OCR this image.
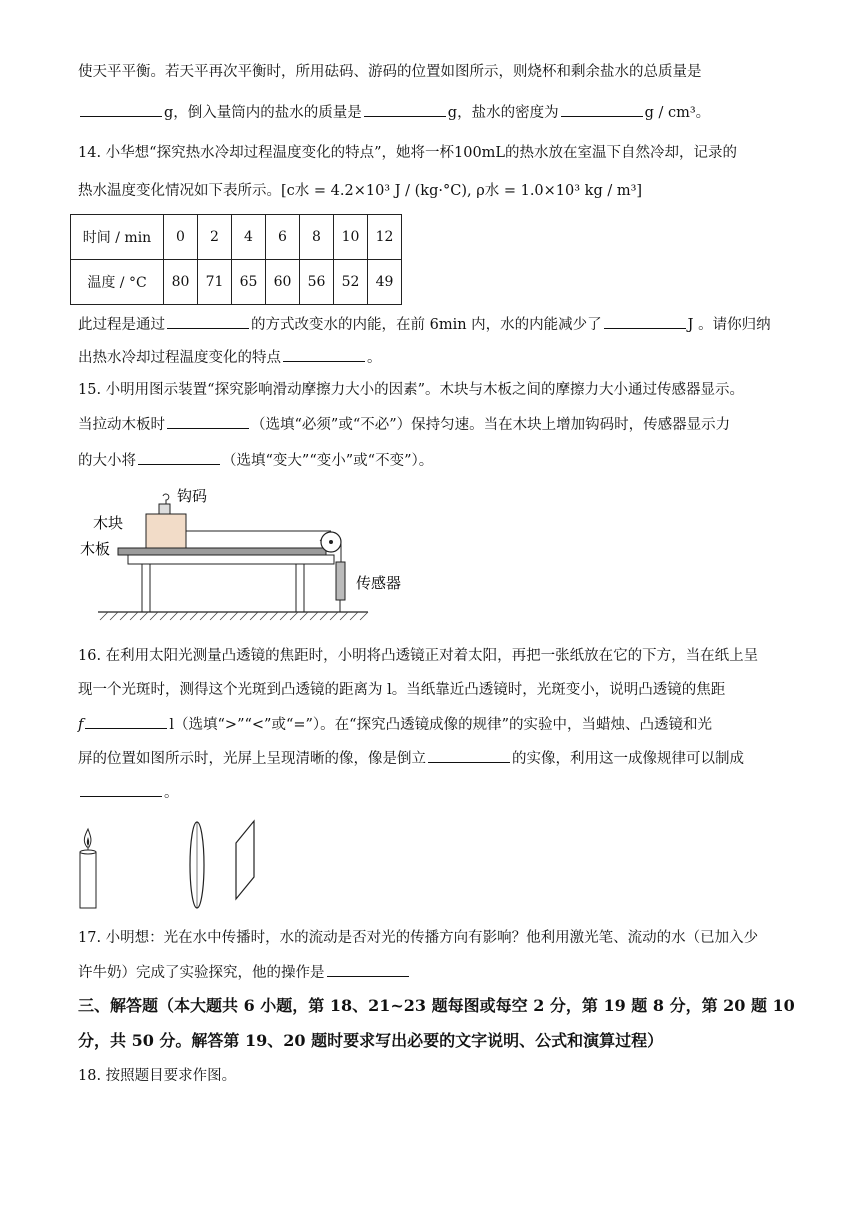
使天平平衡。若天平再次平衡时，所用砝码、游码的位置如图所示，则烧杯和剩余盐水的总质量是
g，倒入量筒内的盐水的质量是	g，盐水的密度为	g / cm³。
14. 小华想“探究热水冷却过程温度变化的特点”，她将一杯100mL的热水放在室温下自然冷却，记录的
热水温度变化情况如下表所示。[c水 = 4.2×10³ J / (kg·°C), ρ水 = 1.0×10³ kg / m³]
时间 / min	0	2	4	6	8	10	12
温度 / °C	80	71	65	60	56	52	49
此过程是通过	的方式改变水的内能，在前 6min 内，水的内能减少了	J 。请你归纳
出热水冷却过程温度变化的特点	。
15. 小明用图示装置“探究影响滑动摩擦力大小的因素”。木块与木板之间的摩擦力大小通过传感器显示。
当拉动木板时	（选填“必须”或“不必”）保持匀速。当在木块上增加钩码时，传感器显示力
的大小将	（选填“变大”“变小”或“不变”）。
钩码
木块
木板
传感器
16. 在利用太阳光测量凸透镜的焦距时，小明将凸透镜正对着太阳，再把一张纸放在它的下方，当在纸上呈
现一个光斑时，测得这个光斑到凸透镜的距离为 l。当纸靠近凸透镜时，光斑变小，说明凸透镜的焦距
f	l（选填“>”“<”或“=”）。在“探究凸透镜成像的规律”的实验中，当蜡烛、凸透镜和光
屏的位置如图所示时，光屏上呈现清晰的像，像是倒立	的实像，利用这一成像规律可以制成
。
17. 小明想：光在水中传播时，水的流动是否对光的传播方向有影响？他利用激光笔、流动的水（已加入少
许牛奶）完成了实验探究，他的操作是
三、解答题（本大题共 6 小题，第 18、21~23 题每图或每空 2 分，第 19 题 8 分，第 20 题 10
分，共 50 分。解答第 19、20 题时要求写出必要的文字说明、公式和演算过程）
18. 按照题目要求作图。
